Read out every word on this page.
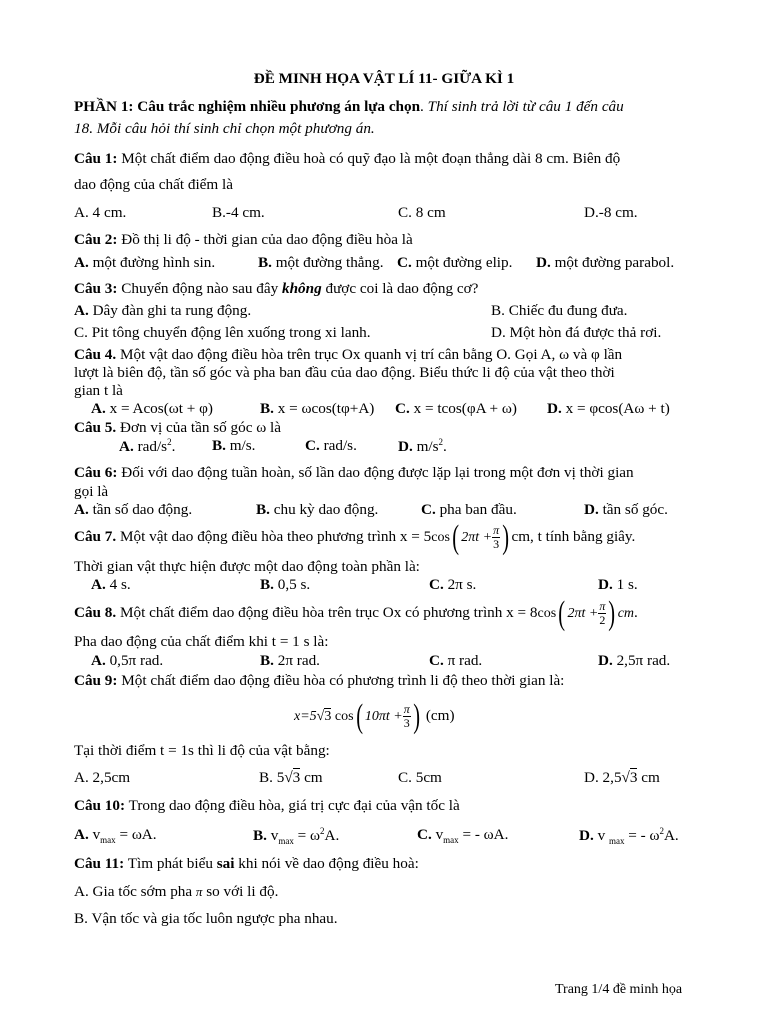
ĐỀ MINH HỌA VẬT LÍ 11- GIỮA KÌ 1
PHẦN 1: Câu trắc nghiệm nhiều phương án lựa chọn. Thí sinh trả lời từ câu 1 đến câu
18. Mỗi câu hỏi thí sinh chỉ chọn một phương án.
Câu 1: Một chất điểm dao động điều hoà có quỹ đạo là một đoạn thẳng dài 8 cm. Biên độ
dao động của chất điểm là
A. 4 cm.	B.-4 cm.	C. 8 cm	D.-8 cm.
Câu 2: Đồ thị li độ - thời gian của dao động điều hòa là
A. một đường hình sin.	B. một đường thẳng. C. một đường elip. D. một đường parabol.
Câu 3: Chuyển động nào sau đây không được coi là dao động cơ?
A. Dây đàn ghi ta rung động.	B. Chiếc đu đung đưa.
C. Pit tông chuyển động lên xuống trong xi lanh.	D. Một hòn đá được thả rơi.
Câu 4. Một vật dao động điều hòa trên trục Ox quanh vị trí cân bằng O. Gọi A, ω và φ lần
lượt là biên độ, tần số góc và pha ban đầu của dao động. Biểu thức li độ của vật theo thời
gian t là
A. x = Acos(ωt + φ)	B. x = ωcos(tφ+A) C. x = tcos(φA + ω) D. x = φcos(Aω + t)
Câu 5. Đơn vị của tần số góc ω là
A. rad/$s^2$. B. m/s.	C. rad/s.	D. $m/s^2$.
Câu 6: Đối với dao động tuần hoàn, số lần dao động được lặp lại trong một đơn vị thời gian
gọi là
A. tần số dao động.	B. chu kỳ dao động.	C. pha ban đầu.	D. tần số góc.
Câu 7. Một vật dao động điều hòa theo phương trình x = 5cos( $2\pi t + \frac{\pi}{3}$ ) cm, t tính bằng giây.
Thời gian vật thực hiện được một dao động toàn phần là:
A. 4 s.	B. 0,5 s.	C. 2π s.	D. 1 s.
Câu 8. Một chất điểm dao động điều hòa trên trục Ox có phương trình x = 8cos( $2\pi t + \frac{\pi}{2}$ ) cm.
Pha dao động của chất điểm khi t = 1 s là:
A. 0,5π rad.	B. 2π rad.	C. π rad.	D. 2,5π rad.
Câu 9: Một chất điểm dao động điều hòa có phương trình li độ theo thời gian là:
x=5√3 cos( $10\pi t + \frac{\pi}{3}$ ) (cm)
Tại thời điểm t = 1s thì li độ của vật bằng:
A. 2,5cm	B. 5√3 cm	C. 5cm	D. 2,5√3 cm
Câu 10: Trong dao động điều hòa, giá trị cực đại của vận tốc là
A. $v_{max} = \omega A$.	B. $v_{max} = \omega^2A$.	C. $v_{max}$ = - ωA.	D. v $_{max}$ = - $\omega^2A$.
Câu 11: Tìm phát biểu sai khi nói về dao động điều hoà:
A. Gia tốc sớm pha π so với li độ.
B. Vận tốc và gia tốc luôn ngược pha nhau.
Trang 1/4 đề minh họa
